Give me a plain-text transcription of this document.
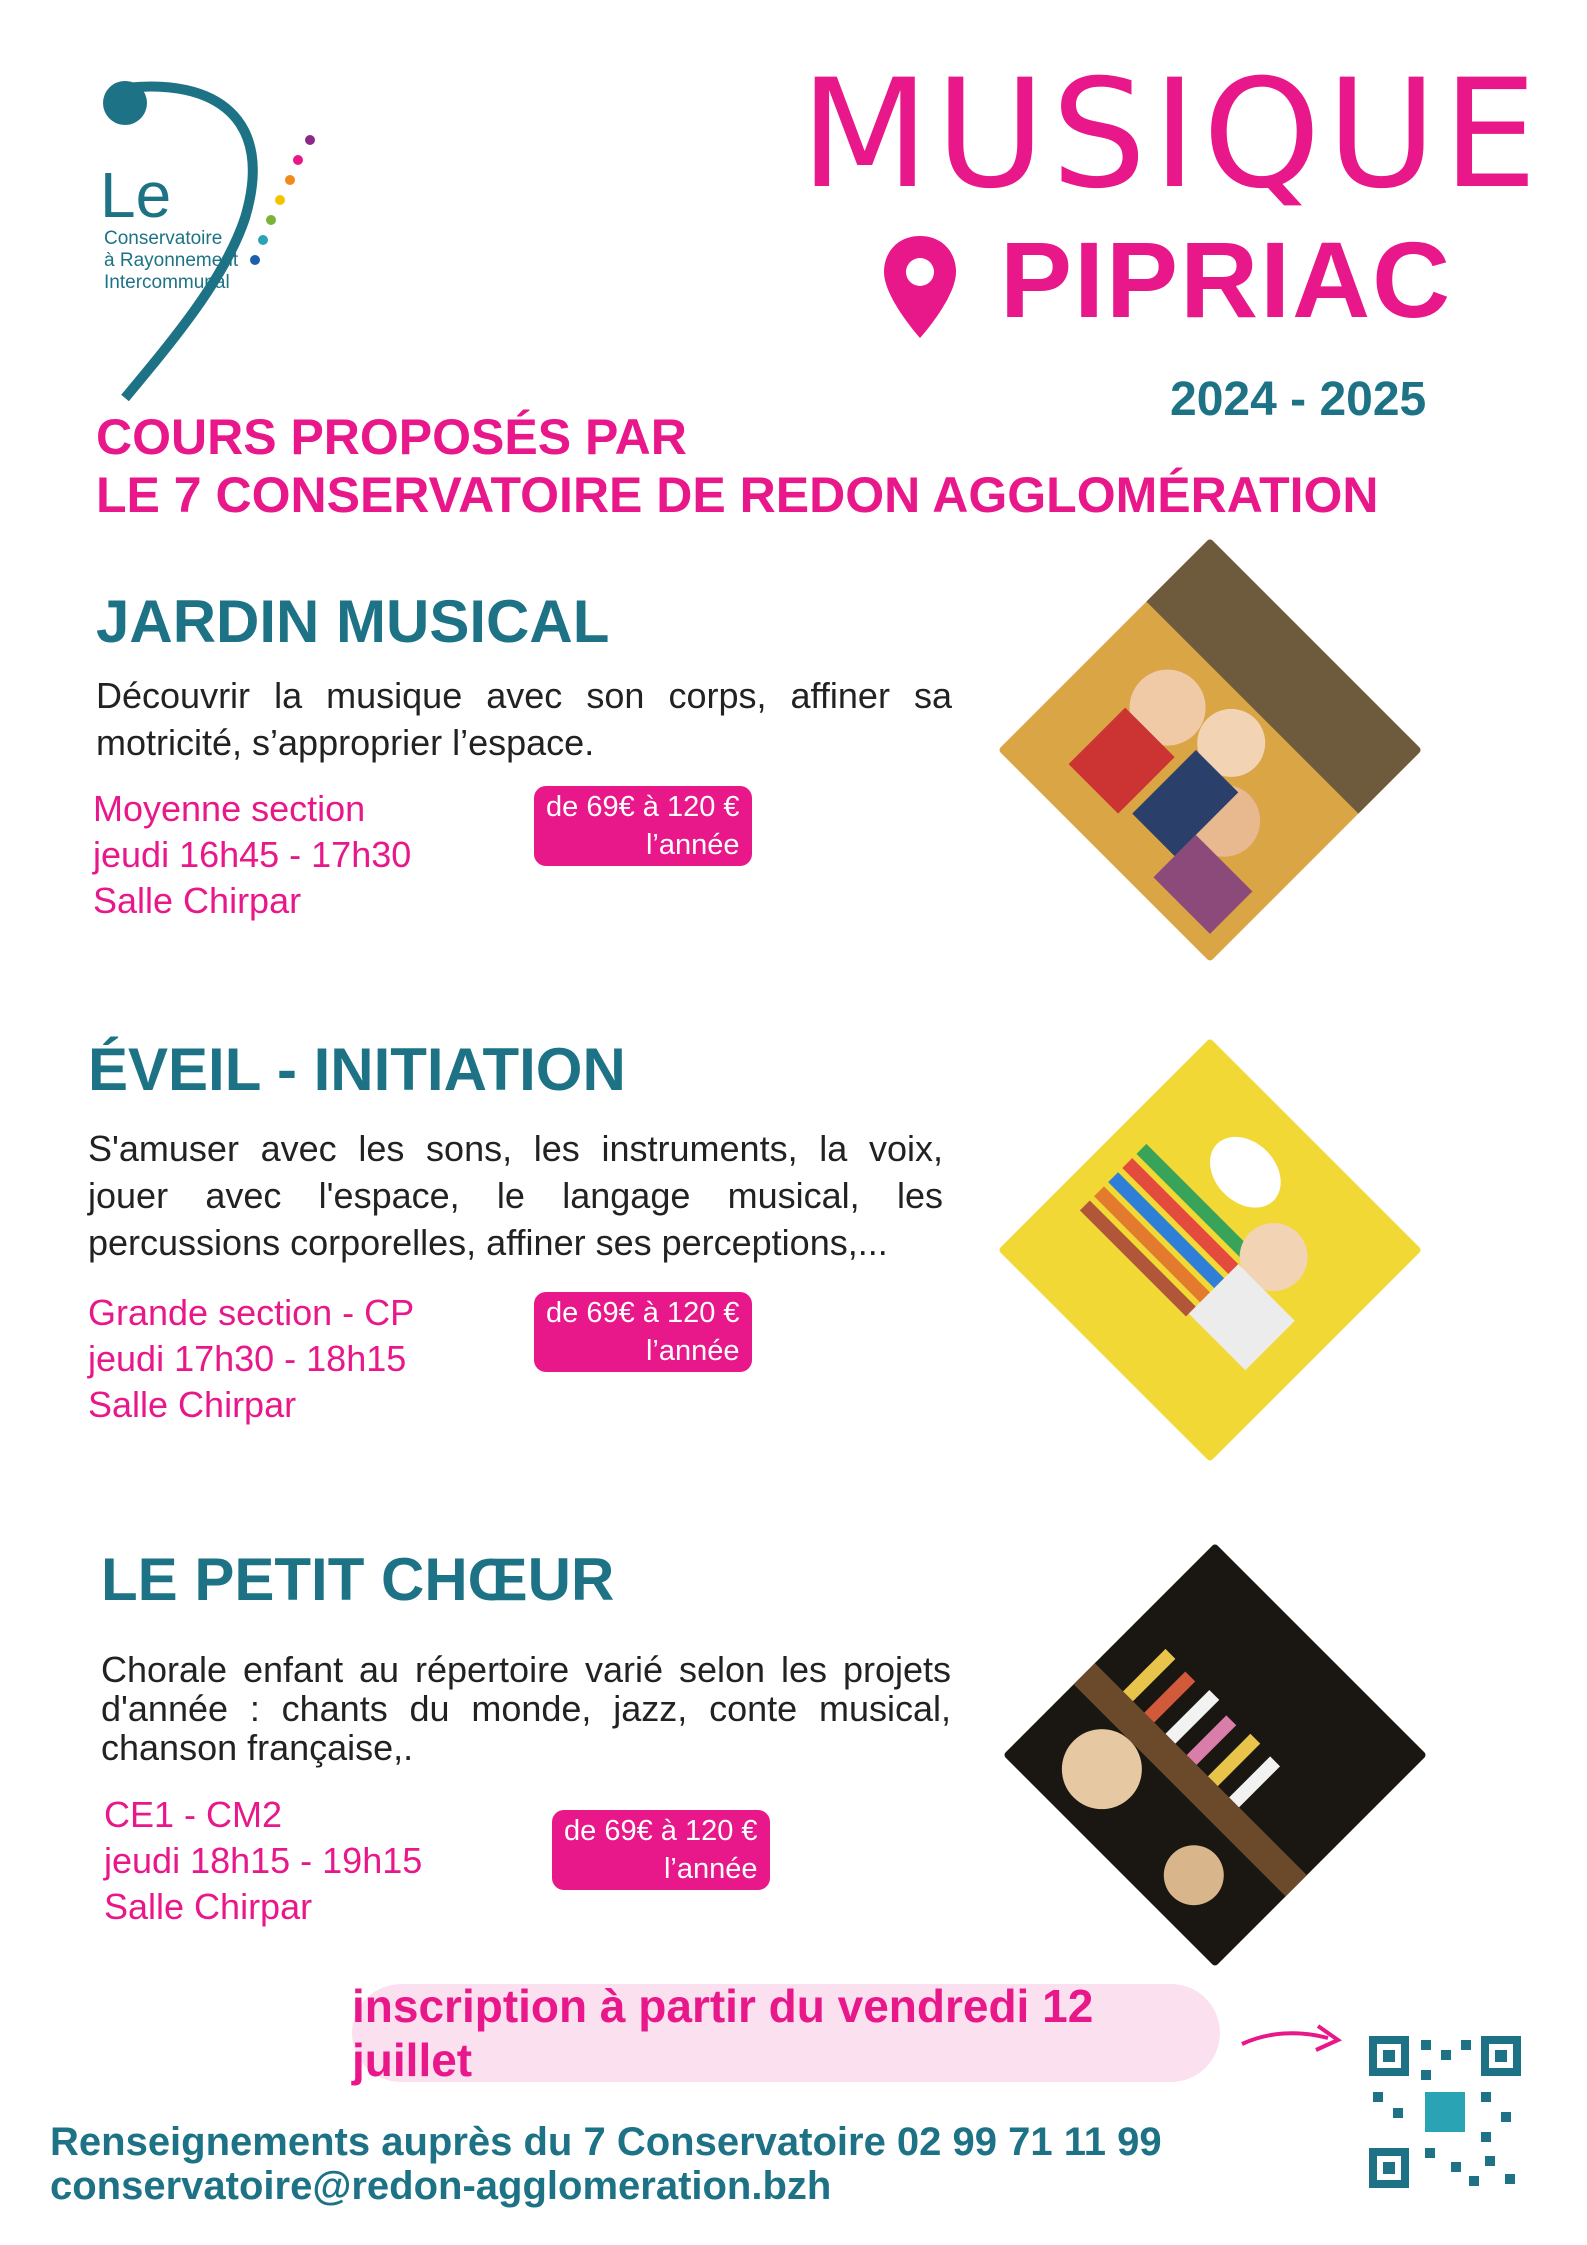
Le
Conservatoire
à Rayonnement
Intercommunal
MUSIQUE
PIPRIAC
2024 - 2025
COURS PROPOSÉS PAR
LE 7 CONSERVATOIRE DE REDON AGGLOMÉRATION
JARDIN MUSICAL
Découvrir la musique avec son corps, affiner sa motricité, s’approprier l’espace.
Moyenne section
jeudi 16h45 - 17h30
Salle Chirpar
de 69€ à 120 €
l’année
ÉVEIL - INITIATION
S'amuser avec les sons, les instruments, la voix, jouer avec l'espace, le langage musical, les percussions corporelles, affiner ses perceptions,...
Grande section - CP
jeudi 17h30 - 18h15
Salle Chirpar
de 69€ à 120 €
l’année
LE PETIT CHŒUR
Chorale enfant au répertoire varié selon les projets d'année : chants du monde, jazz, conte musical, chanson française,.
CE1 - CM2
jeudi 18h15 - 19h15
Salle Chirpar
de 69€ à 120 €
l’année
inscription à partir du vendredi 12 juillet
Renseignements auprès du 7 Conservatoire 02 99 71 11 99
conservatoire@redon-agglomeration.bzh
